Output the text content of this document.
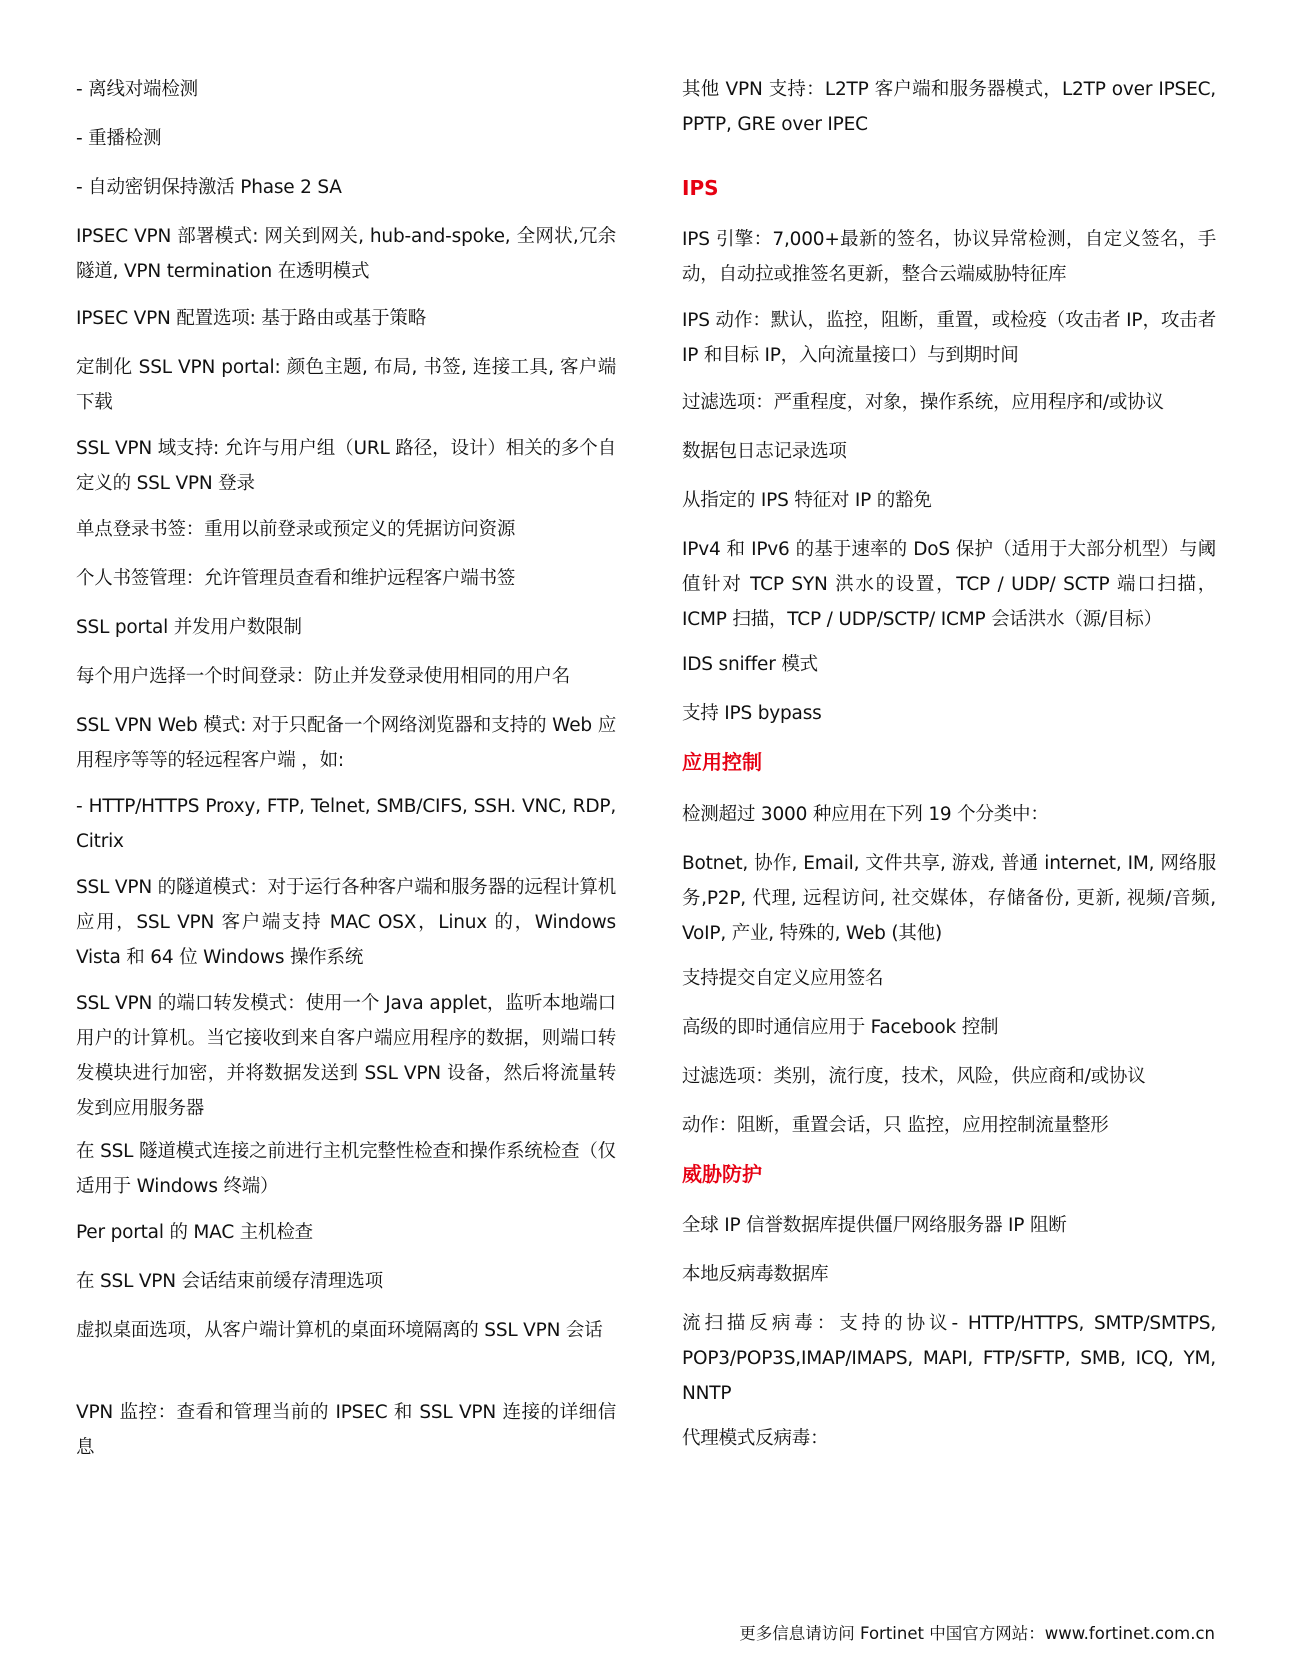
- 离线对端检测

- 重播检测

- 自动密钥保持激活 Phase 2 SA

IPSEC VPN 部署模式: 网关到网关, hub-and-spoke, 全网状,冗余隧道, VPN termination 在透明模式

IPSEC VPN 配置选项: 基于路由或基于策略

定制化 SSL VPN portal: 颜色主题, 布局, 书签, 连接工具, 客户端下载

SSL VPN 域支持: 允许与用户组（URL 路径，设计）相关的多个自定义的 SSL VPN 登录

单点登录书签：重用以前登录或预定义的凭据访问资源

个人书签管理：允许管理员查看和维护远程客户端书签

SSL portal 并发用户数限制

每个用户选择一个时间登录：防止并发登录使用相同的用户名

SSL VPN Web 模式: 对于只配备一个网络浏览器和支持的 Web 应用程序等等的轻远程客户端 ，如:

- HTTP/HTTPS Proxy, FTP, Telnet, SMB/CIFS, SSH. VNC, RDP, Citrix

SSL VPN 的隧道模式：对于运行各种客户端和服务器的远程计算机应用，SSL VPN 客户端支持 MAC OSX，Linux 的，Windows Vista 和 64 位 Windows 操作系统

SSL VPN 的端口转发模式：使用一个 Java applet，监听本地端口用户的计算机。当它接收到来自客户端应用程序的数据，则端口转发模块进行加密，并将数据发送到 SSL VPN 设备，然后将流量转发到应用服务器

在 SSL 隧道模式连接之前进行主机完整性检查和操作系统检查（仅适用于 Windows 终端）

Per portal 的 MAC 主机检查

在 SSL VPN 会话结束前缓存清理选项

虚拟桌面选项，从客户端计算机的桌面环境隔离的 SSL VPN 会话

VPN 监控：查看和管理当前的 IPSEC 和 SSL VPN 连接的详细信息

其他 VPN 支持：L2TP 客户端和服务器模式，L2TP over IPSEC, PPTP, GRE over IPEC

IPS

IPS 引擎：7,000+最新的签名，协议异常检测，自定义签名，手动，自动拉或推签名更新，整合云端威胁特征库

IPS 动作：默认，监控，阻断，重置，或检疫（攻击者 IP，攻击者 IP 和目标 IP，入向流量接口）与到期时间

过滤选项：严重程度，对象，操作系统，应用程序和/或协议

数据包日志记录选项

从指定的 IPS 特征对 IP 的豁免

IPv4 和 IPv6 的基于速率的 DoS 保护（适用于大部分机型）与阈值针对 TCP SYN 洪水的设置，TCP / UDP/ SCTP 端口扫描，ICMP 扫描，TCP / UDP/SCTP/ ICMP 会话洪水（源/目标）

IDS sniffer 模式

支持 IPS bypass

应用控制

检测超过 3000 种应用在下列 19 个分类中：

Botnet, 协作, Email, 文件共享, 游戏, 普通 internet, IM, 网络服务,P2P, 代理, 远程访问, 社交媒体，存储备份, 更新, 视频/音频, VoIP, 产业, 特殊的, Web (其他)

支持提交自定义应用签名

高级的即时通信应用于 Facebook 控制

过滤选项：类别，流行度，技术，风险，供应商和/或协议

动作：阻断，重置会话，只 监控，应用控制流量整形

威胁防护

全球 IP 信誉数据库提供僵尸网络服务器 IP 阻断

本地反病毒数据库

流扫描反病毒：支持的协议- HTTP/HTTPS, SMTP/SMTPS, POP3/POP3S,IMAP/IMAPS, MAPI, FTP/SFTP, SMB, ICQ, YM, NNTP

代理模式反病毒：

更多信息请访问 Fortinet 中国官方网站：www.fortinet.com.cn
